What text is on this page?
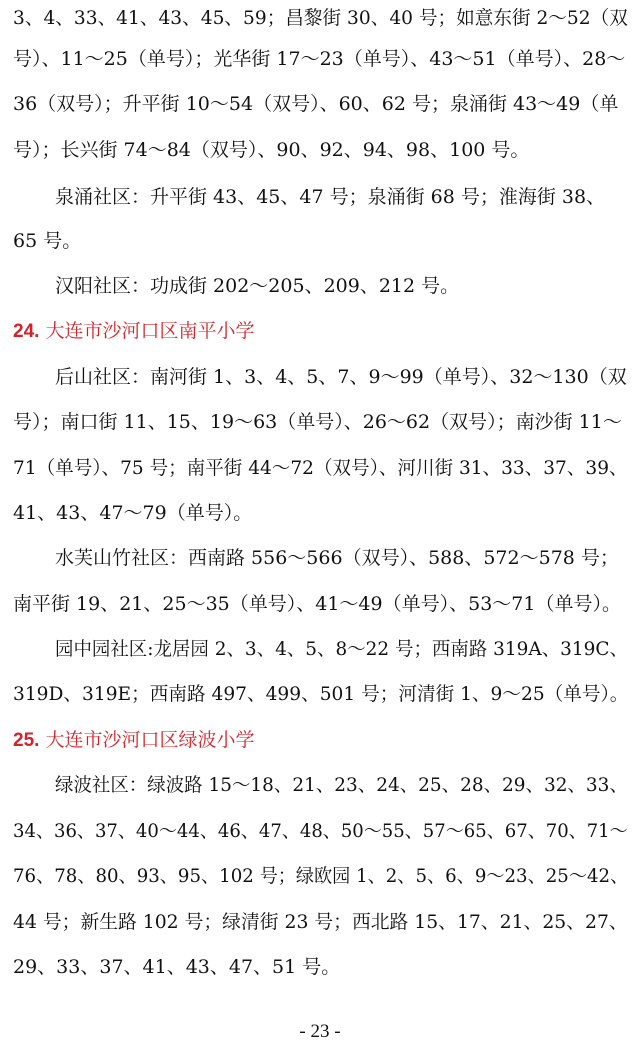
3、4、33、41、43、45、59；昌黎街 30、40 号；如意东街 2～52（双
号）、11～25（单号）；光华街 17～23（单号）、43～51（单号）、28～
36（双号）；升平街 10～54（双号）、60、62 号；泉涌街 43～49（单
号）；长兴街 74～84（双号）、90、92、94、98、100 号。
泉涌社区：升平街 43、45、47 号；泉涌街 68 号；淮海街 38、
65 号。
汉阳社区：功成街 202～205、209、212 号。
24. 大连市沙河口区南平小学
后山社区：南河街 1、3、4、5、7、9～99（单号）、32～130（双
号）；南口街 11、15、19～63（单号）、26～62（双号）；南沙街 11～
71（单号）、75 号；南平街 44～72（双号）、河川街 31、33、37、39、
41、43、47～79（单号）。
水芙山竹社区：西南路 556～566（双号）、588、572～578 号；
南平街 19、21、25～35（单号）、41～49（单号）、53～71（单号）。
园中园社区:龙居园 2、3、4、5、8～22 号；西南路 319A、319C、
319D、319E；西南路 497、499、501 号；河清街 1、9～25（单号）。
25. 大连市沙河口区绿波小学
绿波社区：绿波路 15～18、21、23、24、25、28、29、32、33、
34、36、37、40～44、46、47、48、50～55、57～65、67、70、71～
76、78、80、93、95、102 号；绿欧园 1、2、5、6、9～23、25～42、
44 号；新生路 102 号；绿清街 23 号；西北路 15、17、21、25、27、
29、33、37、41、43、47、51 号。
- 23 -
